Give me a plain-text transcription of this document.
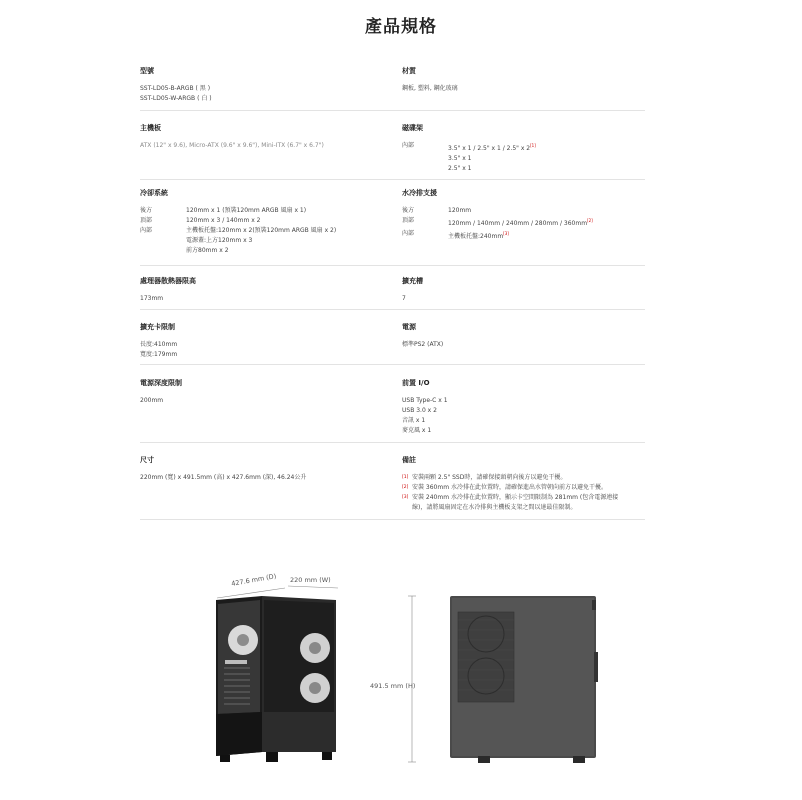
產品規格
型號
SST-LD05-B-ARGB ( 黑 )
SST-LD05-W-ARGB ( 白 )
材質
鋼板, 塑料, 鋼化玻璃
主機板
ATX (12" x 9.6), Micro-ATX (9.6" x 9.6"), Mini-ITX (6.7" x 6.7")
磁碟架
內部	3.5" x 1 / 2.5" x 1 / 2.5" x 2[1]
3.5" x 1
2.5" x 1
冷卻系統
後方	120mm x 1 (預裝120mm ARGB 風扇 x 1)
頂部	120mm x 3 / 140mm x 2
內部	主機板托盤:120mm x 2(預裝120mm ARGB 風扇 x 2)
電源蓋:上方120mm x 3
前方80mm x 2
水冷排支援
後方	120mm
頂部	120mm / 140mm / 240mm / 280mm / 360mm[2]
內部	主機板托盤:240mm[3]
處理器散熱器限高
173mm
擴充槽
7
擴充卡限制
長度:410mm
寬度:179mm
電源
標準PS2 (ATX)
電源深度限制
200mm
前置 I/O
USB Type-C x 1
USB 3.0 x 2
音訊 x 1
麥克風 x 1
尺寸
220mm (寬) x 491.5mm (高) x 427.6mm (深), 46.24公升
備註
[1] 安裝兩顆 2.5" SSD時，請確保接頭朝向後方以避免干擾。
[2] 安裝 360mm 水冷排在此位置時，請確保進出水管朝向前方以避免干擾。
[3] 安裝 240mm 水冷排在此位置時，顯示卡空間限制為 281mm (包含電源連接
線)，請將風扇固定在水冷排與主機板支架之間以達最佳限制。
427.6 mm (D) 220 mm (W)
491.5 mm (H)
